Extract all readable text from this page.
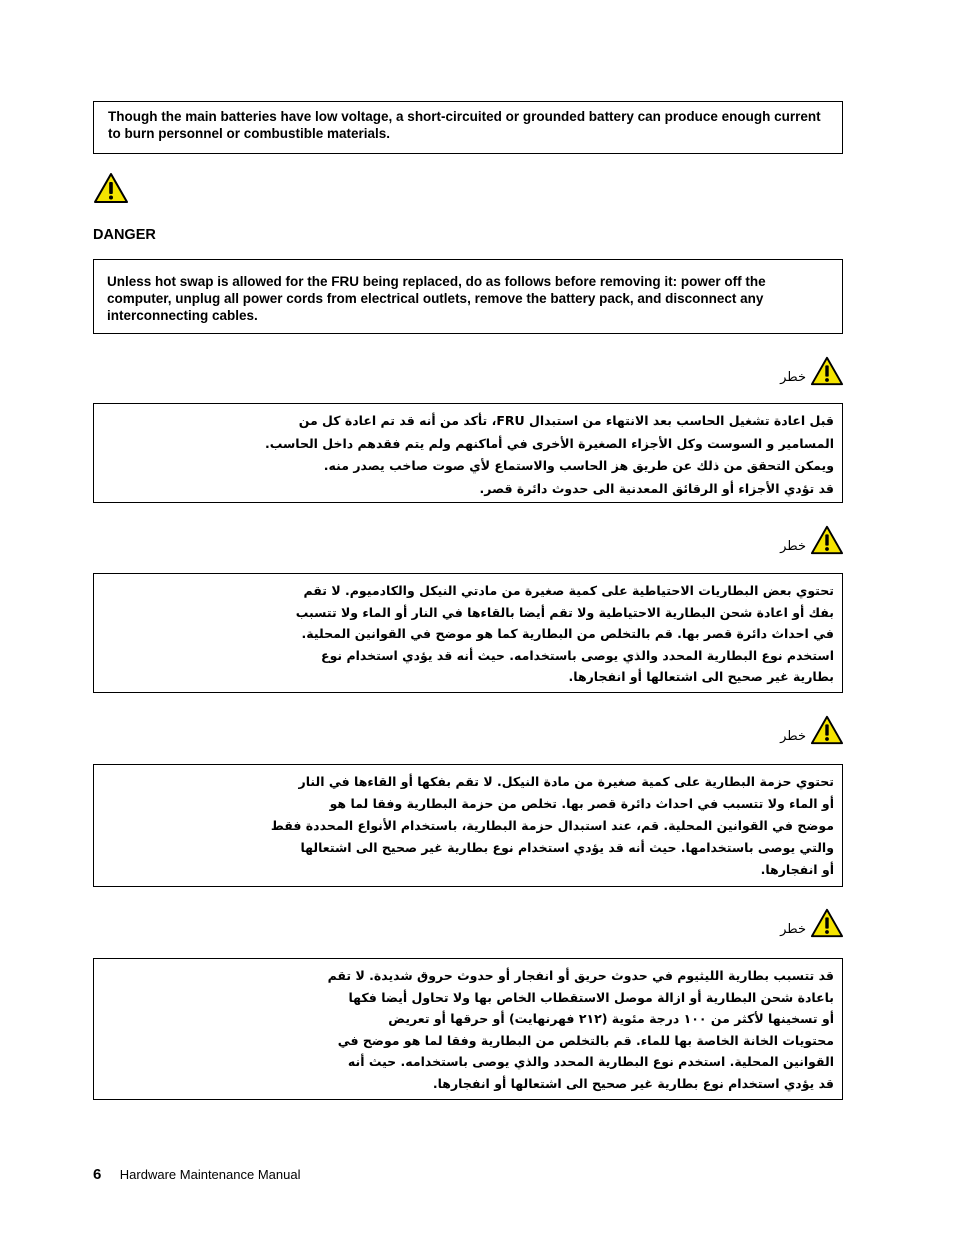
Though the main batteries have low voltage, a short-circuited or grounded battery can produce enough current to burn personnel or combustible materials.
DANGER
Unless hot swap is allowed for the FRU being replaced, do as follows before removing it: power off the computer, unplug all power cords from electrical outlets, remove the battery pack, and disconnect any interconnecting cables.
خطر
قبل اعادة تشغيل الحاسب بعد الانتهاء من استبدال FRU، تأكد من أنه قد تم اعادة كل من
المسامير و السوست وكل الأجزاء الصغيرة الأخرى في أماكنهم ولم يتم فقدهم داخل الحاسب.
ويمكن التحقق من ذلك عن طريق هز الحاسب والاستماع لأي صوت صاخب يصدر منه.
قد تؤدي الأجزاء أو الرقائق المعدنية الى حدوث دائرة قصر.
خطر
تحتوي بعض البطاريات الاحتياطية على كمية صغيرة من مادتي النيكل والكادميوم. لا تقم
بفك أو اعادة شحن البطارية الاحتياطية ولا تقم أيضا بالقاءها في النار أو الماء ولا تتسبب
في احداث دائرة قصر بها. قم بالتخلص من البطارية كما هو موضح في القوانين المحلية.
استخدم نوع البطارية المحدد والذي يوصى باستخدامه. حيث أنه قد يؤدي استخدام نوع
بطارية غير صحيح الى اشتعالها أو انفجارها.
خطر
تحتوي حزمة البطارية على كمية صغيرة من مادة النيكل. لا تقم بفكها أو القاءها في النار
أو الماء ولا تتسبب في احداث دائرة قصر بها. تخلص من حزمة البطارية وفقا لما هو
موضح في القوانين المحلية. قم، عند استبدال حزمة البطارية، باستخدام الأنواع المحددة فقط
والتي يوصى باستخدامها. حيث أنه قد يؤدي استخدام نوع بطارية غير صحيح الى اشتعالها
أو انفجارها.
خطر
قد تتسبب بطارية الليثيوم في حدوث حريق أو انفجار أو حدوث حروق شديدة. لا تقم
باعادة شحن البطارية أو ازالة موصل الاستقطاب الخاص بها ولا تحاول أيضا فكها
أو تسخينها لأكثر من ١٠٠ درجة مئوية (٢١٢ فهرنهايت) أو حرقها أو تعريض
محتويات الخانة الخاصة بها للماء. قم بالتخلص من البطارية وفقا لما هو موضح في
القوانين المحلية. استخدم نوع البطارية المحدد والذي يوصى باستخدامه. حيث أنه
قد يؤدي استخدام نوع بطارية غير صحيح الى اشتعالها أو انفجارها.
6 Hardware Maintenance Manual
